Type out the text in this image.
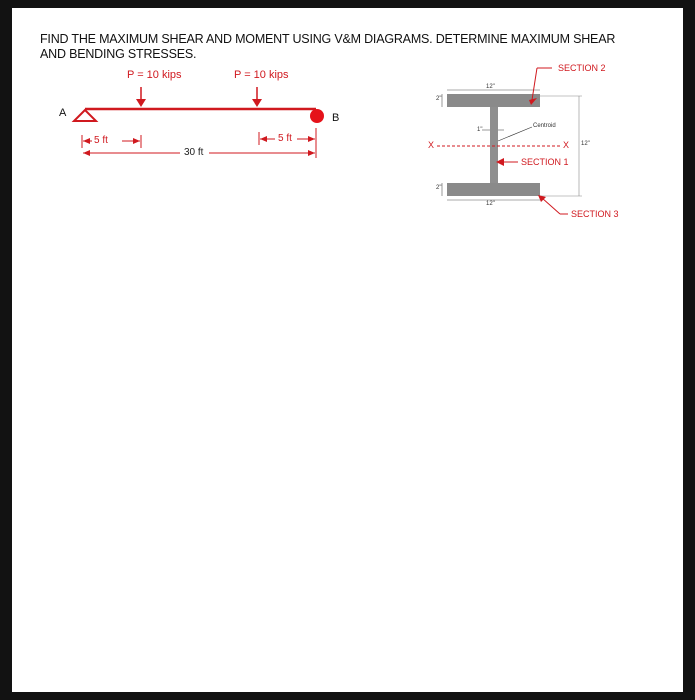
FIND THE MAXIMUM SHEAR AND MOMENT USING V&M DIAGRAMS. DETERMINE MAXIMUM SHEAR AND BENDING STRESSES.
P = 10 kips	P = 10 kips
A	B
5 ft
30 ft
5 ft
12"
12"
2"
2"
1"
Centroid
12"
X	X
SECTION 2
SECTION 1
SECTION 3
